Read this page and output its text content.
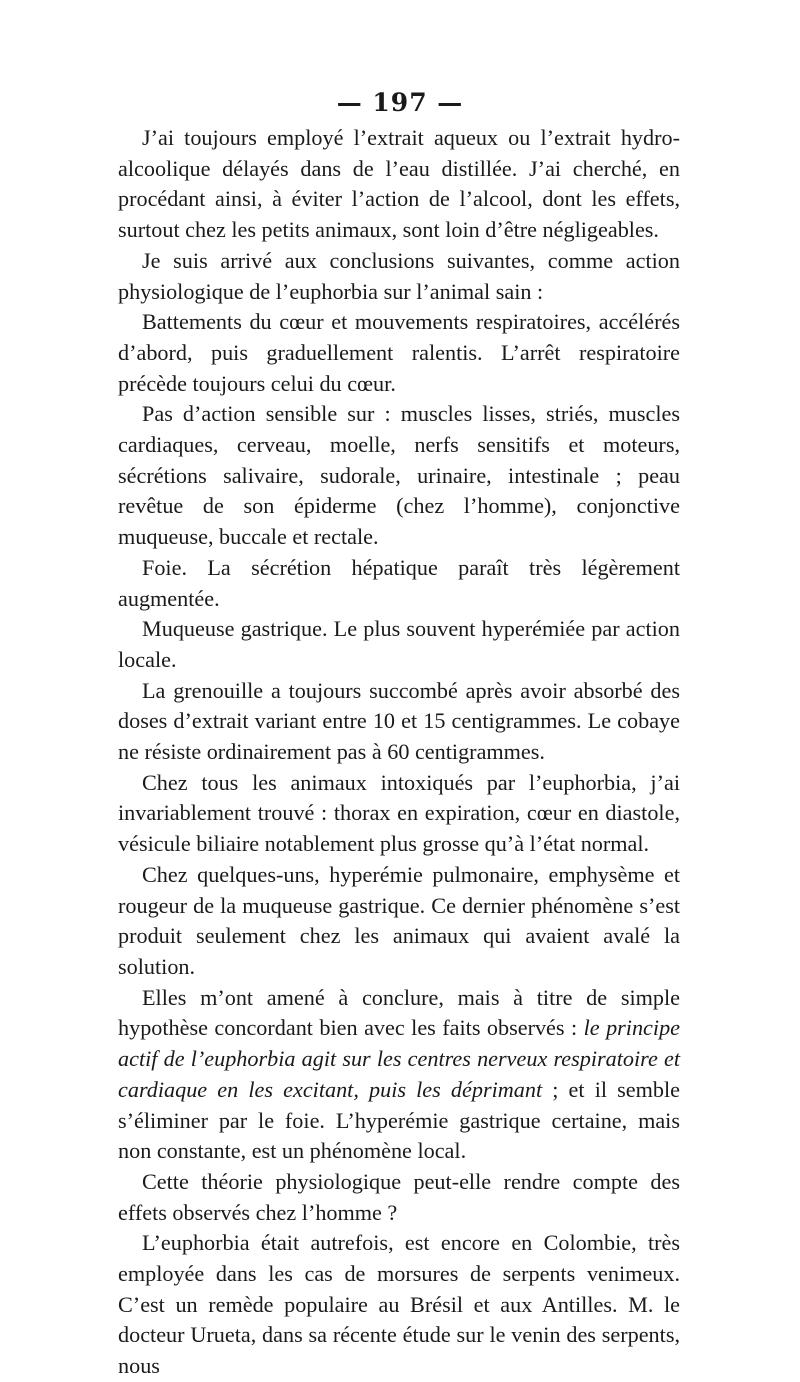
— 197 —

J’ai toujours employé l’extrait aqueux ou l’extrait hydro-alcoolique délayés dans de l’eau distillée. J’ai cherché, en procédant ainsi, à éviter l’action de l’alcool, dont les effets, surtout chez les petits animaux, sont loin d’être négligeables.

Je suis arrivé aux conclusions suivantes, comme action physiologique de l’euphorbia sur l’animal sain :

Battements du cœur et mouvements respiratoires, accélérés d’abord, puis graduellement ralentis. L’arrêt respiratoire précède toujours celui du cœur.

Pas d’action sensible sur : muscles lisses, striés, muscles cardiaques, cerveau, moelle, nerfs sensitifs et moteurs, sécrétions salivaire, sudorale, urinaire, intestinale ; peau revêtue de son épiderme (chez l’homme), conjonctive muqueuse, buccale et rectale.

Foie. La sécrétion hépatique paraît très légèrement augmentée.

Muqueuse gastrique. Le plus souvent hyperémiée par action locale.

La grenouille a toujours succombé après avoir absorbé des doses d’extrait variant entre 10 et 15 centigrammes. Le cobaye ne résiste ordinairement pas à 60 centigrammes.

Chez tous les animaux intoxiqués par l’euphorbia, j’ai invariablement trouvé : thorax en expiration, cœur en diastole, vésicule biliaire notablement plus grosse qu’à l’état normal.

Chez quelques-uns, hyperémie pulmonaire, emphysème et rougeur de la muqueuse gastrique. Ce dernier phénomène s’est produit seulement chez les animaux qui avaient avalé la solution.

Elles m’ont amené à conclure, mais à titre de simple hypothèse concordant bien avec les faits observés : le principe actif de l’euphorbia agit sur les centres nerveux respiratoire et cardiaque en les excitant, puis les déprimant ; et il semble s’éliminer par le foie. L’hyperémie gastrique certaine, mais non constante, est un phénomène local.

Cette théorie physiologique peut-elle rendre compte des effets observés chez l’homme ?

L’euphorbia était autrefois, est encore en Colombie, très employée dans les cas de morsures de serpents venimeux. C’est un remède populaire au Brésil et aux Antilles. M. le docteur Urueta, dans sa récente étude sur le venin des serpents, nous
